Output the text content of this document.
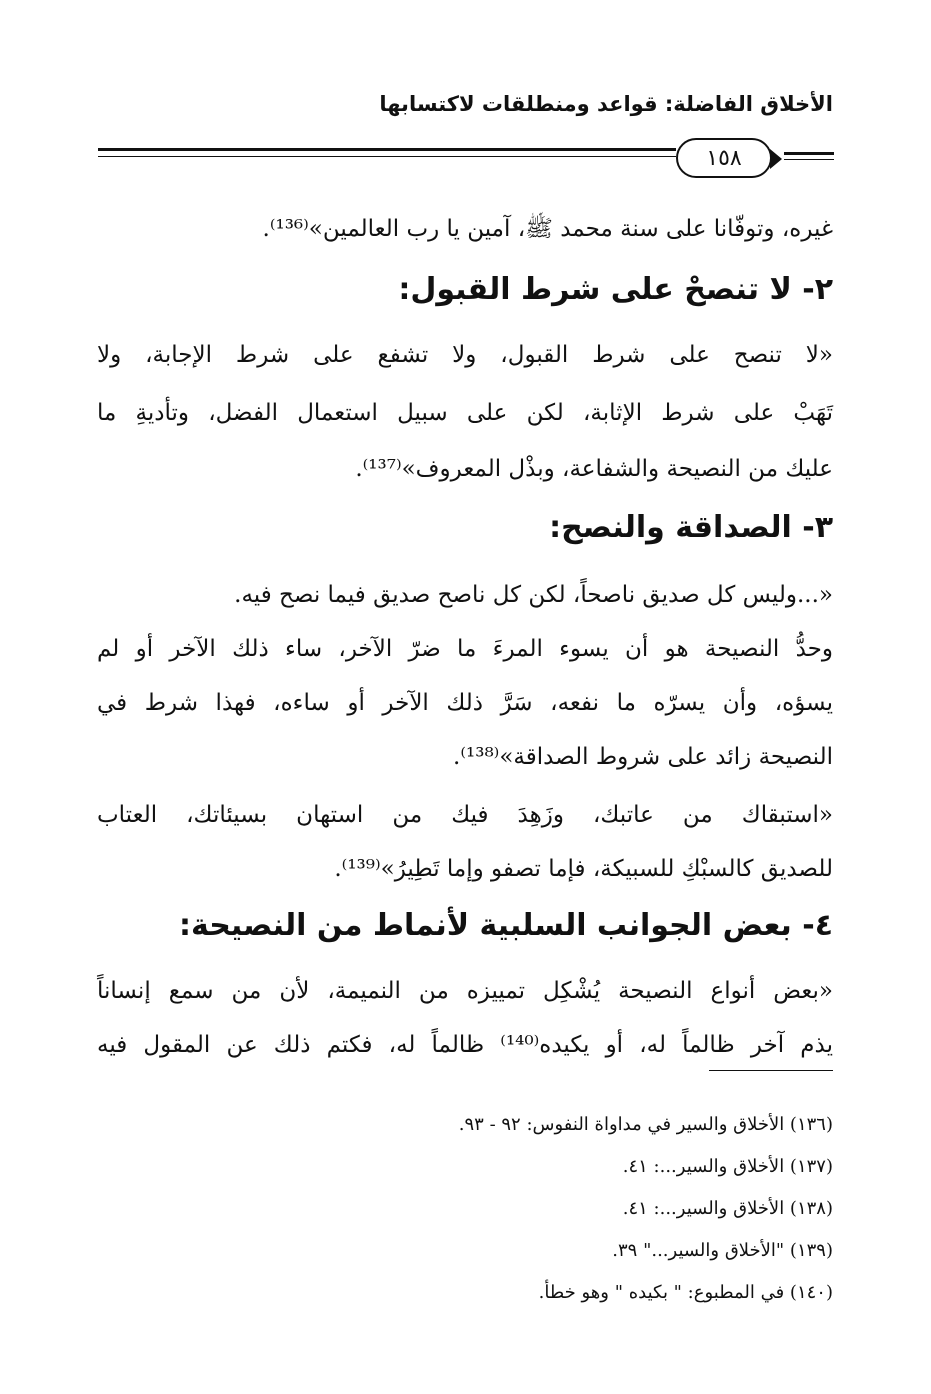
الأخلاق الفاضلة: قواعد ومنطلقات لاكتسابها
١٥٨
غيره، وتوفّانا على سنة محمد ﷺ، آمين يا رب العالمين»⁽¹³⁶⁾.
٢- لا تنصحْ على شرط القبول:
«لا تنصح على شرط القبول، ولا تشفع على شرط الإجابة، ولا
تَهَبْ على شرط الإثابة، لكن على سبيل استعمال الفضل، وتأديةِ ما
عليك من النصيحة والشفاعة، وبذْل المعروف»⁽¹³⁷⁾.
٣- الصداقة والنصح:
«...وليس كل صديق ناصحاً، لكن كل ناصح صديق فيما نصح فيه.
وحدُّ النصيحة هو أن يسوء المرءَ ما ضرّ الآخر، ساء ذلك الآخر أو لم
يسؤه، وأن يسرّه ما نفعه، سَرَّ ذلك الآخر أو ساءه، فهذا شرط في
النصيحة زائد على شروط الصداقة»⁽¹³⁸⁾.
«استبقاك من عاتبك، وزَهِدَ فيك من استهان بسيئاتك، العتاب
للصديق كالسبْكِ للسبيكة، فإما تصفو وإما تَطِيرُ»⁽¹³⁹⁾.
٤- بعض الجوانب السلبية لأنماط من النصيحة:
«بعض أنواع النصيحة يُشْكِل تمييزه من النميمة، لأن من سمع إنساناً
يذم آخر ظالماً له، أو يكيده⁽¹⁴⁰⁾ ظالماً له، فكتم ذلك عن المقول فيه
(١٣٦) الأخلاق والسير في مداواة النفوس: ٩٢ - ٩٣.
(١٣٧) الأخلاق والسير...: ٤١.
(١٣٨) الأخلاق والسير...: ٤١.
(١٣٩) "الأخلاق والسير..." ٣٩.
(١٤٠) في المطبوع: " بكيده " وهو خطأ.
